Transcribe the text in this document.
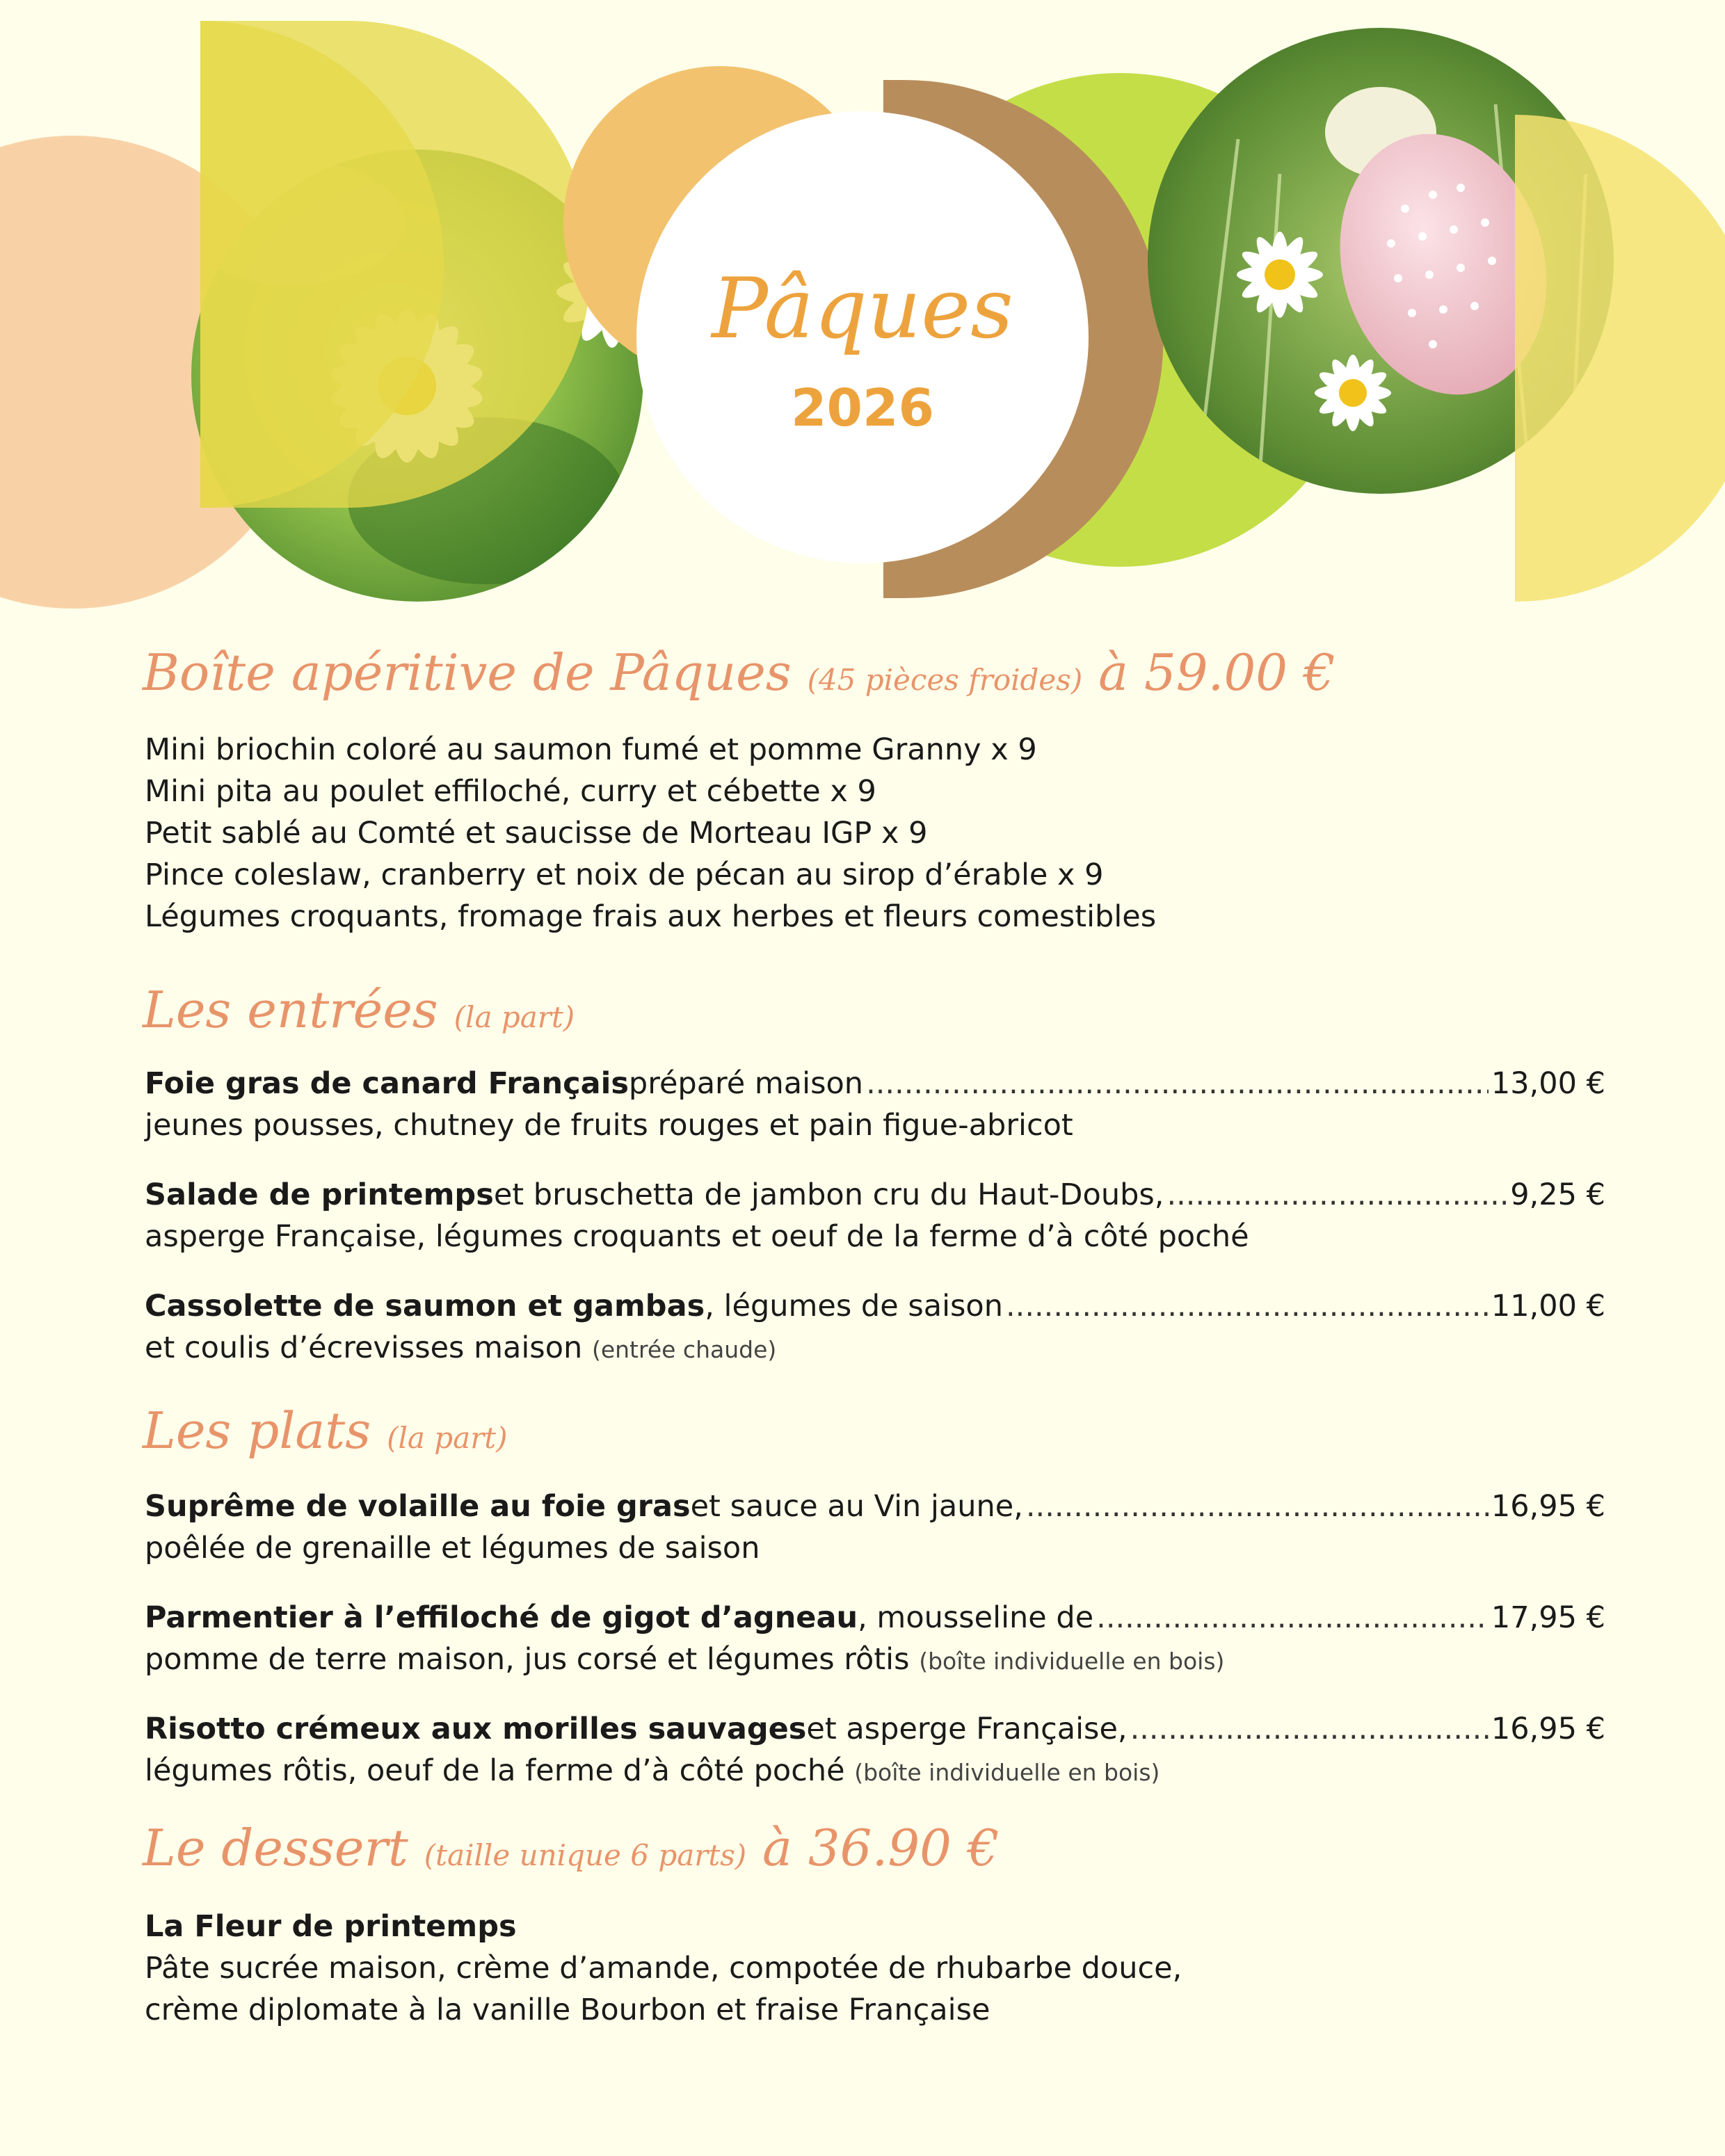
Pâques
2026
Boîte apéritive de Pâques (45 pièces froides) à 59.00 €
Mini briochin coloré au saumon fumé et pomme Granny x 9
Mini pita au poulet effiloché, curry et cébette x 9
Petit sablé au Comté et saucisse de Morteau IGP x 9
Pince coleslaw, cranberry et noix de pécan au sirop d’érable x 9
Légumes croquants, fromage frais aux herbes et fleurs comestibles
Les entrées (la part)
Foie gras de canard Français préparé maison .....	13,00 €
jeunes pousses, chutney de fruits rouges et pain figue-abricot
Salade de printemps et bruschetta de jambon cru du Haut-Doubs, .....	9,25 €
asperge Française, légumes croquants et oeuf de la ferme d’à côté poché
Cassolette de saumon et gambas , légumes de saison .....	11,00 €
et coulis d’écrevisses maison (entrée chaude)
Les plats (la part)
Suprême de volaille au foie gras et sauce au Vin jaune, .....	16,95 €
poêlée de grenaille et légumes de saison
Parmentier à l’effiloché de gigot d’agneau , mousseline de .....	17,95 €
pomme de terre maison, jus corsé et légumes rôtis (boîte individuelle en bois)
Risotto crémeux aux morilles sauvages et asperge Française, .....	16,95 €
légumes rôtis, oeuf de la ferme d’à côté poché (boîte individuelle en bois)
Le dessert (taille unique 6 parts) à 36.90 €
La Fleur de printemps
Pâte sucrée maison, crème d’amande, compotée de rhubarbe douce,
crème diplomate à la vanille Bourbon et fraise Française
